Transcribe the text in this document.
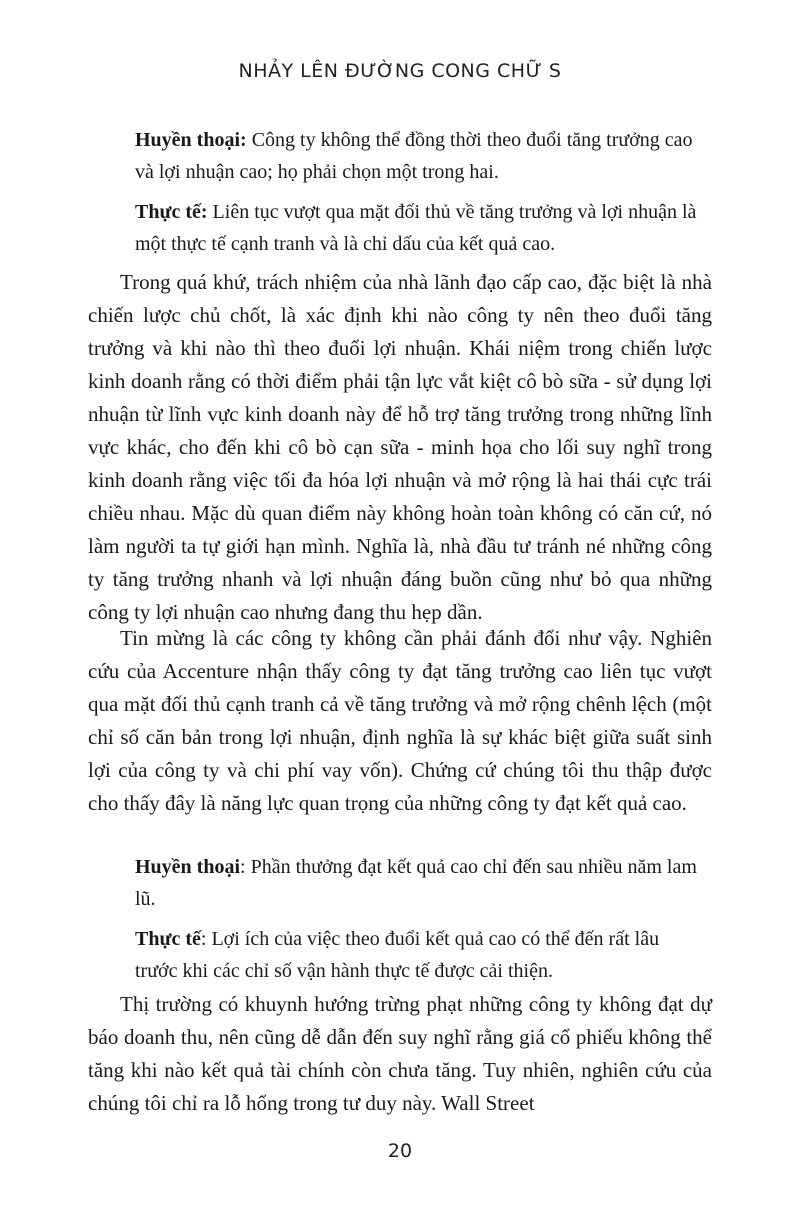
NHẢY LÊN ĐƯỜNG CONG CHỮ S

Huyền thoại: Công ty không thể đồng thời theo đuổi tăng trưởng cao và lợi nhuận cao; họ phải chọn một trong hai.

Thực tế: Liên tục vượt qua mặt đối thủ về tăng trưởng và lợi nhuận là một thực tế cạnh tranh và là chỉ dấu của kết quả cao.

Trong quá khứ, trách nhiệm của nhà lãnh đạo cấp cao, đặc biệt là nhà chiến lược chủ chốt, là xác định khi nào công ty nên theo đuổi tăng trưởng và khi nào thì theo đuổi lợi nhuận. Khái niệm trong chiến lược kinh doanh rằng có thời điểm phải tận lực vắt kiệt cô bò sữa - sử dụng lợi nhuận từ lĩnh vực kinh doanh này để hỗ trợ tăng trưởng trong những lĩnh vực khác, cho đến khi cô bò cạn sữa - minh họa cho lối suy nghĩ trong kinh doanh rằng việc tối đa hóa lợi nhuận và mở rộng là hai thái cực trái chiều nhau. Mặc dù quan điểm này không hoàn toàn không có căn cứ, nó làm người ta tự giới hạn mình. Nghĩa là, nhà đầu tư tránh né những công ty tăng trưởng nhanh và lợi nhuận đáng buồn cũng như bỏ qua những công ty lợi nhuận cao nhưng đang thu hẹp dần.

Tin mừng là các công ty không cần phải đánh đổi như vậy. Nghiên cứu của Accenture nhận thấy công ty đạt tăng trưởng cao liên tục vượt qua mặt đối thủ cạnh tranh cả về tăng trưởng và mở rộng chênh lệch (một chỉ số căn bản trong lợi nhuận, định nghĩa là sự khác biệt giữa suất sinh lợi của công ty và chi phí vay vốn). Chứng cứ chúng tôi thu thập được cho thấy đây là năng lực quan trọng của những công ty đạt kết quả cao.

Huyền thoại: Phần thưởng đạt kết quả cao chỉ đến sau nhiều năm lam lũ.

Thực tế: Lợi ích của việc theo đuổi kết quả cao có thể đến rất lâu trước khi các chỉ số vận hành thực tế được cải thiện.

Thị trường có khuynh hướng trừng phạt những công ty không đạt dự báo doanh thu, nên cũng dễ dẫn đến suy nghĩ rằng giá cổ phiếu không thể tăng khi nào kết quả tài chính còn chưa tăng. Tuy nhiên, nghiên cứu của chúng tôi chỉ ra lỗ hổng trong tư duy này. Wall Street

20
